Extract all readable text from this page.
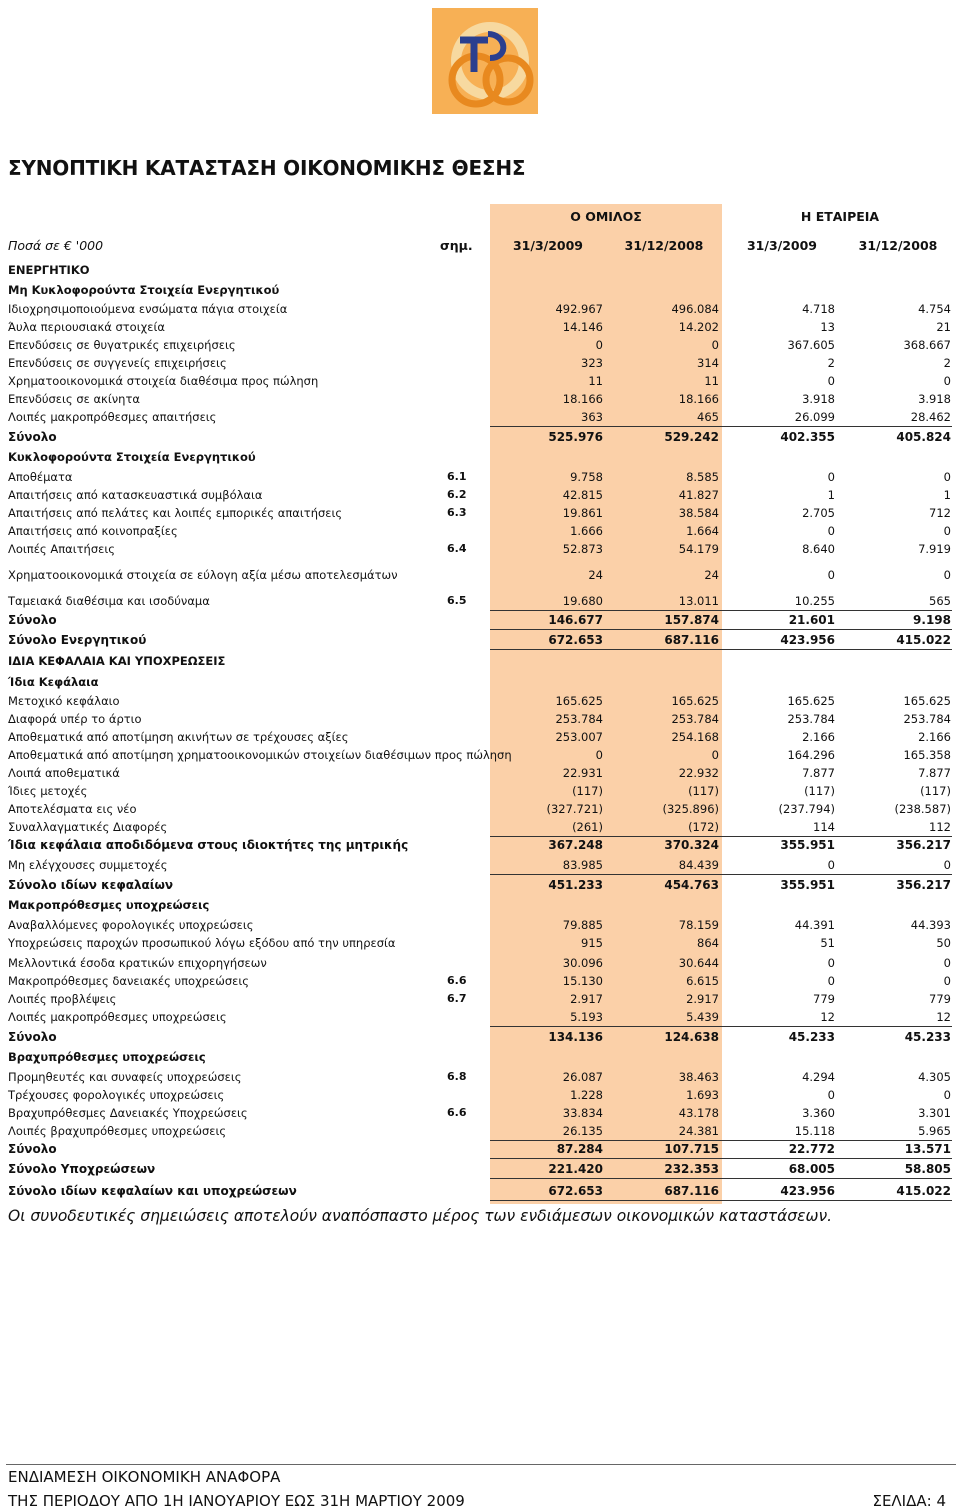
ΣΥΝΟΠΤΙΚΗ ΚΑΤΑΣΤΑΣΗ ΟΙΚΟΝΟΜΙΚΗΣ ΘΕΣΗΣ
Ο ΟΜΙΛΟΣ	Η ΕΤΑΙΡΕΙΑ
Ποσά σε € '000	σημ.	31/3/2009	31/12/2008	31/3/2009	31/12/2008
ΕΝΕΡΓΗΤΙΚΟ
Μη Κυκλοφορούντα Στοιχεία Ενεργητικού
Ιδιοχρησιμοποιούμενα ενσώματα πάγια στοιχεία	492.967	496.084	4.718	4.754
Άυλα περιουσιακά στοιχεία	14.146	14.202	13	21
Επενδύσεις σε θυγατρικές επιχειρήσεις	0	0	367.605	368.667
Επενδύσεις σε συγγενείς επιχειρήσεις	323	314	2	2
Χρηματοοικονομικά στοιχεία διαθέσιμα προς πώληση	11	11	0	0
Επενδύσεις σε ακίνητα	18.166	18.166	3.918	3.918
Λοιπές μακροπρόθεσμες απαιτήσεις	363	465	26.099	28.462
Σύνολο	525.976	529.242	402.355	405.824
Κυκλοφορούντα Στοιχεία Ενεργητικού
Αποθέματα	6.1	9.758	8.585	0	0
Απαιτήσεις από κατασκευαστικά συμβόλαια	6.2	42.815	41.827	1	1
Απαιτήσεις από πελάτες και λοιπές εμπορικές απαιτήσεις	6.3	19.861	38.584	2.705	712
Απαιτήσεις από κοινοπραξίες	1.666	1.664	0	0
Λοιπές Απαιτήσεις	6.4	52.873	54.179	8.640	7.919
Χρηματοοικονομικά στοιχεία σε εύλογη αξία μέσω αποτελεσμάτων	24	24	0	0
Ταμειακά διαθέσιμα και ισοδύναμα	6.5	19.680	13.011	10.255	565
Σύνολο	146.677	157.874	21.601	9.198
Σύνολο Ενεργητικού	672.653	687.116	423.956	415.022
ΙΔΙΑ ΚΕΦΑΛΑΙΑ ΚΑΙ ΥΠΟΧΡΕΩΣΕΙΣ
Ίδια Κεφάλαια
Μετοχικό κεφάλαιο	165.625	165.625	165.625	165.625
Διαφορά υπέρ το άρτιο	253.784	253.784	253.784	253.784
Αποθεματικά από αποτίμηση ακινήτων σε τρέχουσες αξίες	253.007	254.168	2.166	2.166
Αποθεματικά από αποτίμηση χρηματοοικονομικών στοιχείων διαθέσιμων προς πώληση	0	0	164.296	165.358
Λοιπά αποθεματικά	22.931	22.932	7.877	7.877
Ίδιες μετοχές	(117)	(117)	(117)	(117)
Αποτελέσματα εις νέο	(327.721)	(325.896)	(237.794)	(238.587)
Συναλλαγματικές Διαφορές	(261)	(172)	114	112
Ίδια κεφάλαια αποδιδόμενα στους ιδιοκτήτες της μητρικής	367.248	370.324	355.951	356.217
Μη ελέγχουσες συμμετοχές	83.985	84.439	0	0
Σύνολο ιδίων κεφαλαίων	451.233	454.763	355.951	356.217
Μακροπρόθεσμες υποχρεώσεις
Αναβαλλόμενες φορολογικές υποχρεώσεις	79.885	78.159	44.391	44.393
Υποχρεώσεις παροχών προσωπικού λόγω εξόδου από την υπηρεσία	915	864	51	50
Μελλοντικά έσοδα κρατικών επιχορηγήσεων	30.096	30.644	0	0
Μακροπρόθεσμες δανειακές υποχρεώσεις	6.6	15.130	6.615	0	0
Λοιπές προβλέψεις	6.7	2.917	2.917	779	779
Λοιπές μακροπρόθεσμες υποχρεώσεις	5.193	5.439	12	12
Σύνολο	134.136	124.638	45.233	45.233
Βραχυπρόθεσμες υποχρεώσεις
Προμηθευτές και συναφείς υποχρεώσεις	6.8	26.087	38.463	4.294	4.305
Τρέχουσες φορολογικές υποχρεώσεις	1.228	1.693	0	0
Βραχυπρόθεσμες Δανειακές Υποχρεώσεις	6.6	33.834	43.178	3.360	3.301
Λοιπές βραχυπρόθεσμες υποχρεώσεις	26.135	24.381	15.118	5.965
Σύνολο	87.284	107.715	22.772	13.571
Σύνολο Υποχρεώσεων	221.420	232.353	68.005	58.805
Σύνολο ιδίων κεφαλαίων και υποχρεώσεων	672.653	687.116	423.956	415.022
Οι συνοδευτικές σημειώσεις αποτελούν αναπόσπαστο μέρος των ενδιάμεσων οικονομικών καταστάσεων.
ΕΝΔΙΑΜΕΣΗ ΟΙΚΟΝΟΜΙΚΗ ΑΝΑΦΟΡΑ
ΤΗΣ ΠΕΡΙΟΔΟΥ ΑΠΟ 1Η ΙΑΝΟΥΑΡΙΟΥ ΕΩΣ 31Η ΜΑΡΤΙΟΥ 2009	ΣΕΛΙΔΑ: 4
